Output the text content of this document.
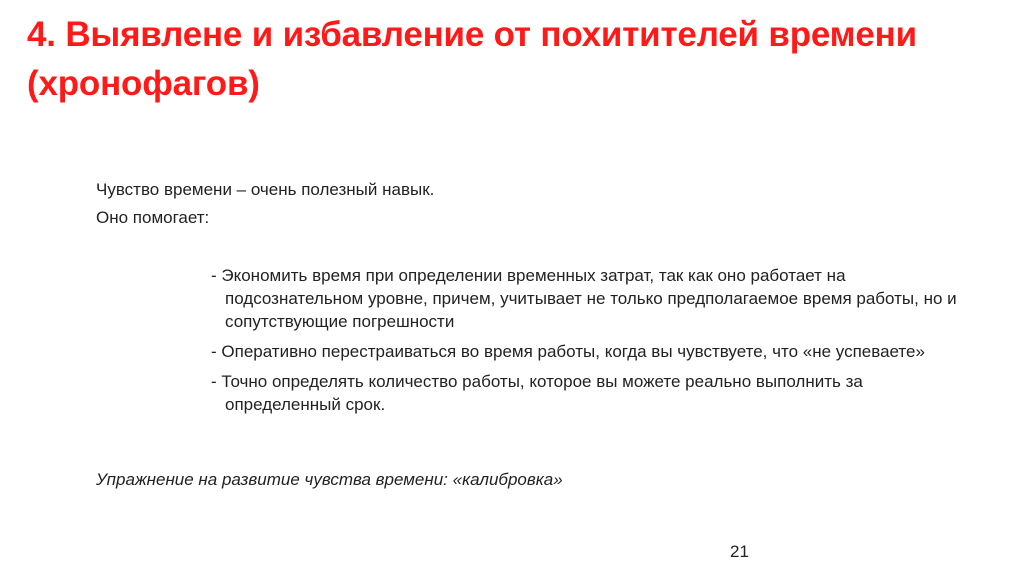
4. Выявлене и избавление от похитителей времени (хронофагов)

Чувство времени – очень полезный навык.

Оно помогает:

- Экономить время при определении временных затрат, так как оно работает на подсознательном уровне, причем, учитывает не только предполагаемое время работы, но и сопутствующие погрешности
- Оперативно перестраиваться во время работы, когда вы чувствуете, что «не успеваете»
- Точно определять количество работы, которое вы можете реально выполнить за определенный срок.

Упражнение на развитие чувства времени: «калибровка»

21
